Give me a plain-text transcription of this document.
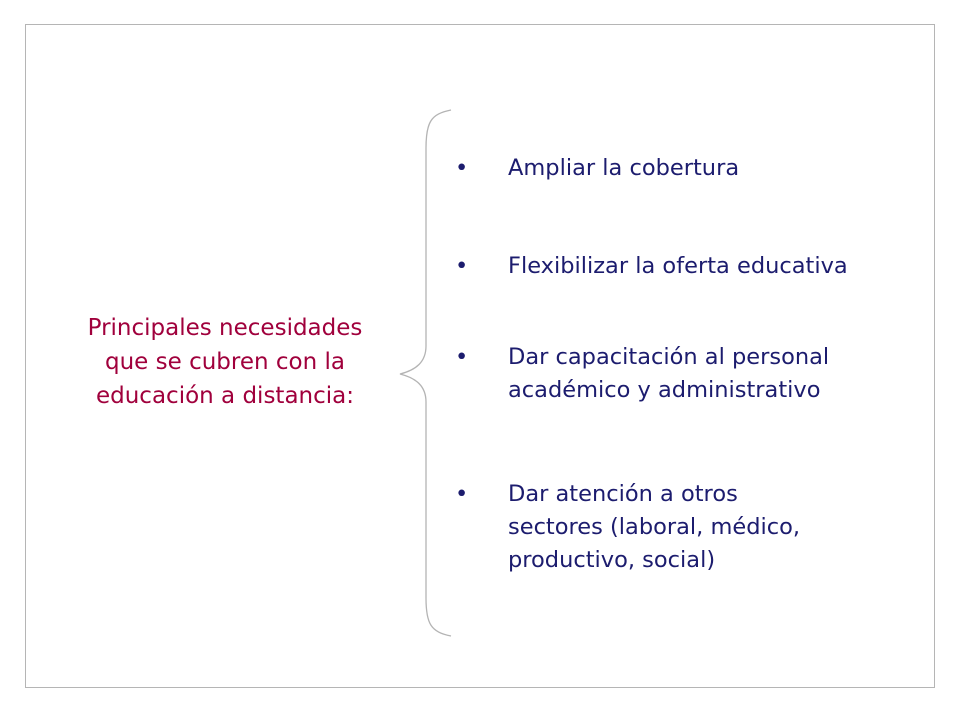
Principales necesidades
que se cubren con la
educación a distancia:
• Ampliar la cobertura
• Flexibilizar la oferta educativa
• Dar capacitación al personal
académico y administrativo
• Dar atención a otros
sectores (laboral, médico,
productivo, social)
